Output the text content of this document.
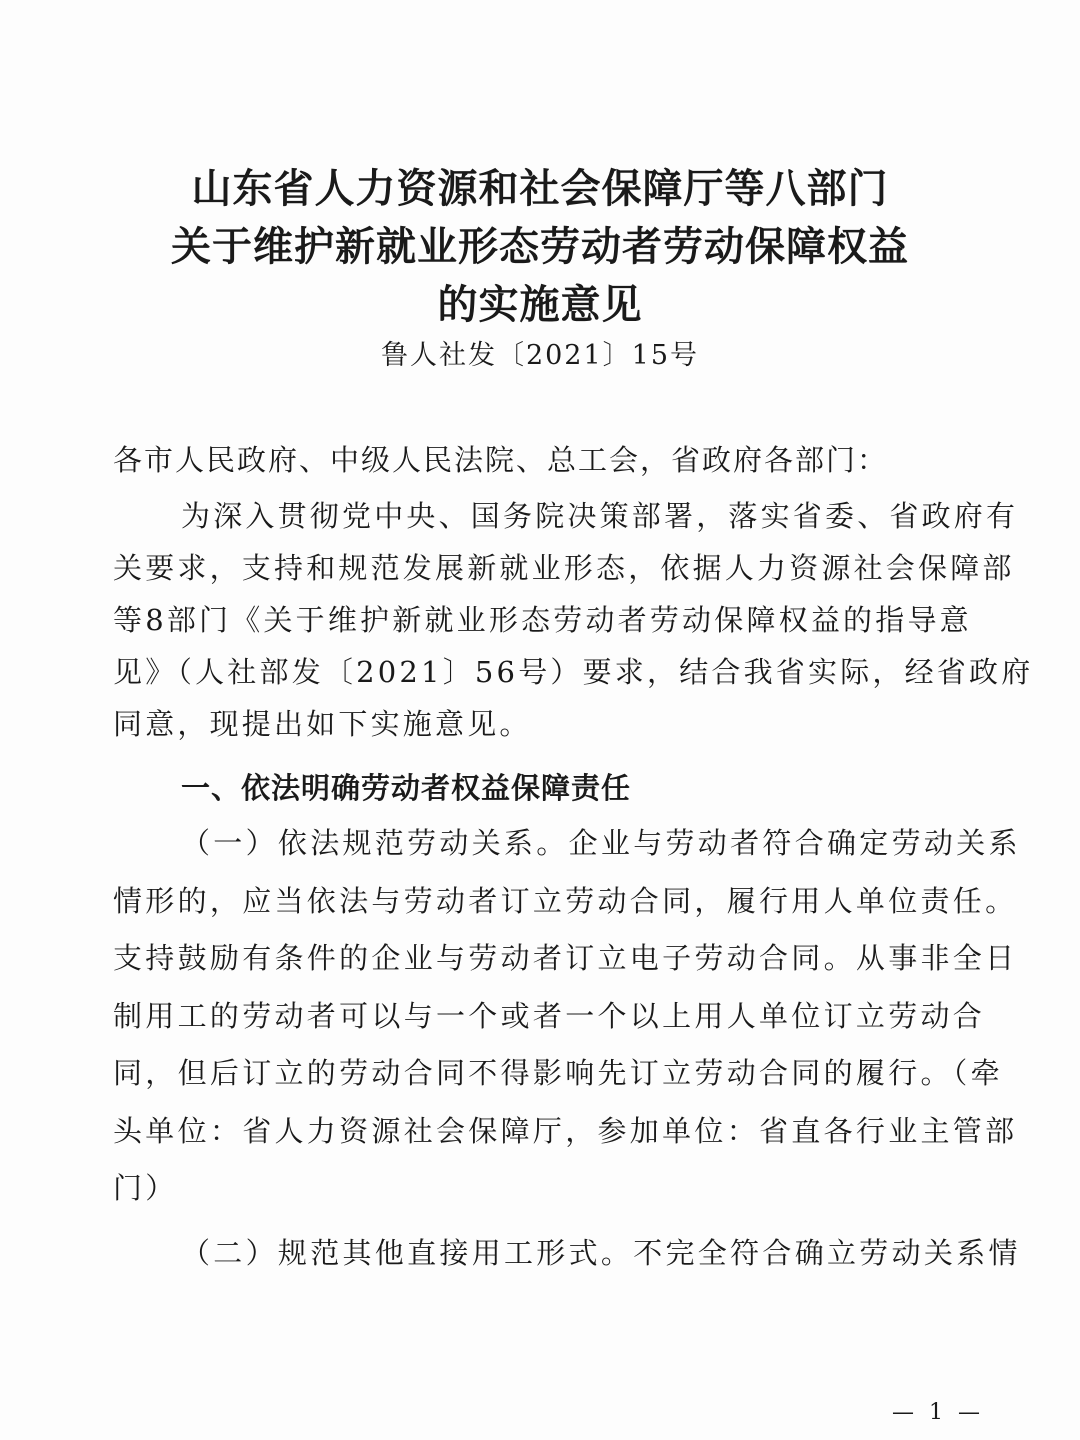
山东省人力资源和社会保障厅等八部门
关于维护新就业形态劳动者劳动保障权益
的实施意见
鲁人社发〔2021〕15号
各市人民政府、中级人民法院、总工会，省政府各部门：
为深入贯彻党中央、国务院决策部署，落实省委、省政府有
关要求，支持和规范发展新就业形态，依据人力资源社会保障部
等8部门《关于维护新就业形态劳动者劳动保障权益的指导意
见》（人社部发〔2021〕56号）要求，结合我省实际，经省政府
同意，现提出如下实施意见。
一、依法明确劳动者权益保障责任
（一）依法规范劳动关系。企业与劳动者符合确定劳动关系
情形的，应当依法与劳动者订立劳动合同，履行用人单位责任。
支持鼓励有条件的企业与劳动者订立电子劳动合同。从事非全日
制用工的劳动者可以与一个或者一个以上用人单位订立劳动合
同，但后订立的劳动合同不得影响先订立劳动合同的履行。（牵
头单位：省人力资源社会保障厅，参加单位：省直各行业主管部
门）
（二）规范其他直接用工形式。不完全符合确立劳动关系情
— 1 —
